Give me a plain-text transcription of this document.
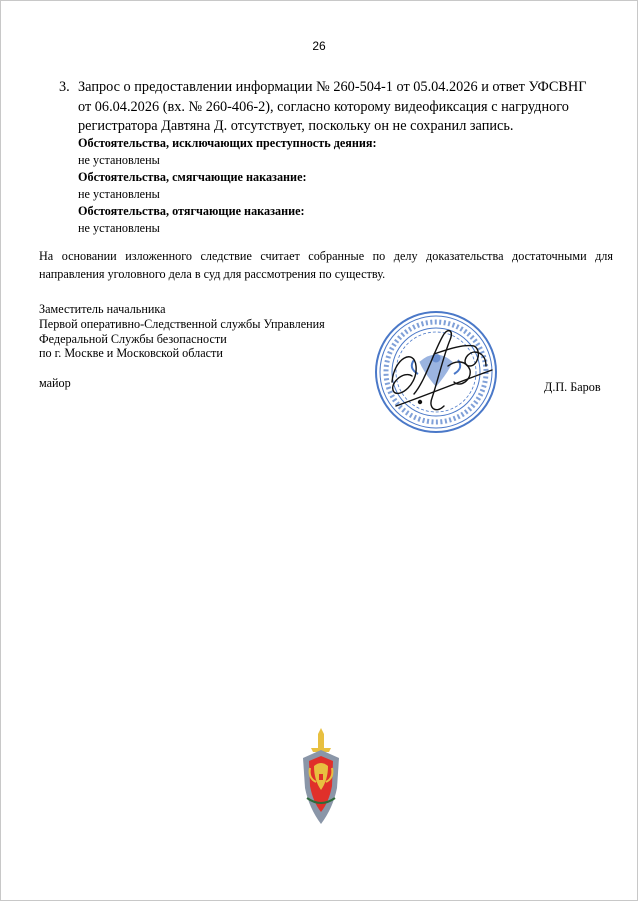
26
3. Запрос о предоставлении информации № 260-504-1 от 05.04.2026 и ответ УФСВНГ от 06.04.2026 (вх. № 260-406-2), согласно которому видеофиксация с нагрудного регистратора Давтяна Д. отсутствует, поскольку он не сохранил запись.
Обстоятельства, исключающих преступность деяния:
не установлены
Обстоятельства, смягчающие наказание:
не установлены
Обстоятельства, отягчающие наказание:
не установлены
На основании изложенного следствие считает собранные по делу доказательства достаточными для
направления уголовного дела в суд для рассмотрения по существу.
Заместитель начальника
Первой оперативно-Следственной службы Управления
Федеральной Службы безопасности
по г. Москве и Московской области
майор	Д.П. Баров
